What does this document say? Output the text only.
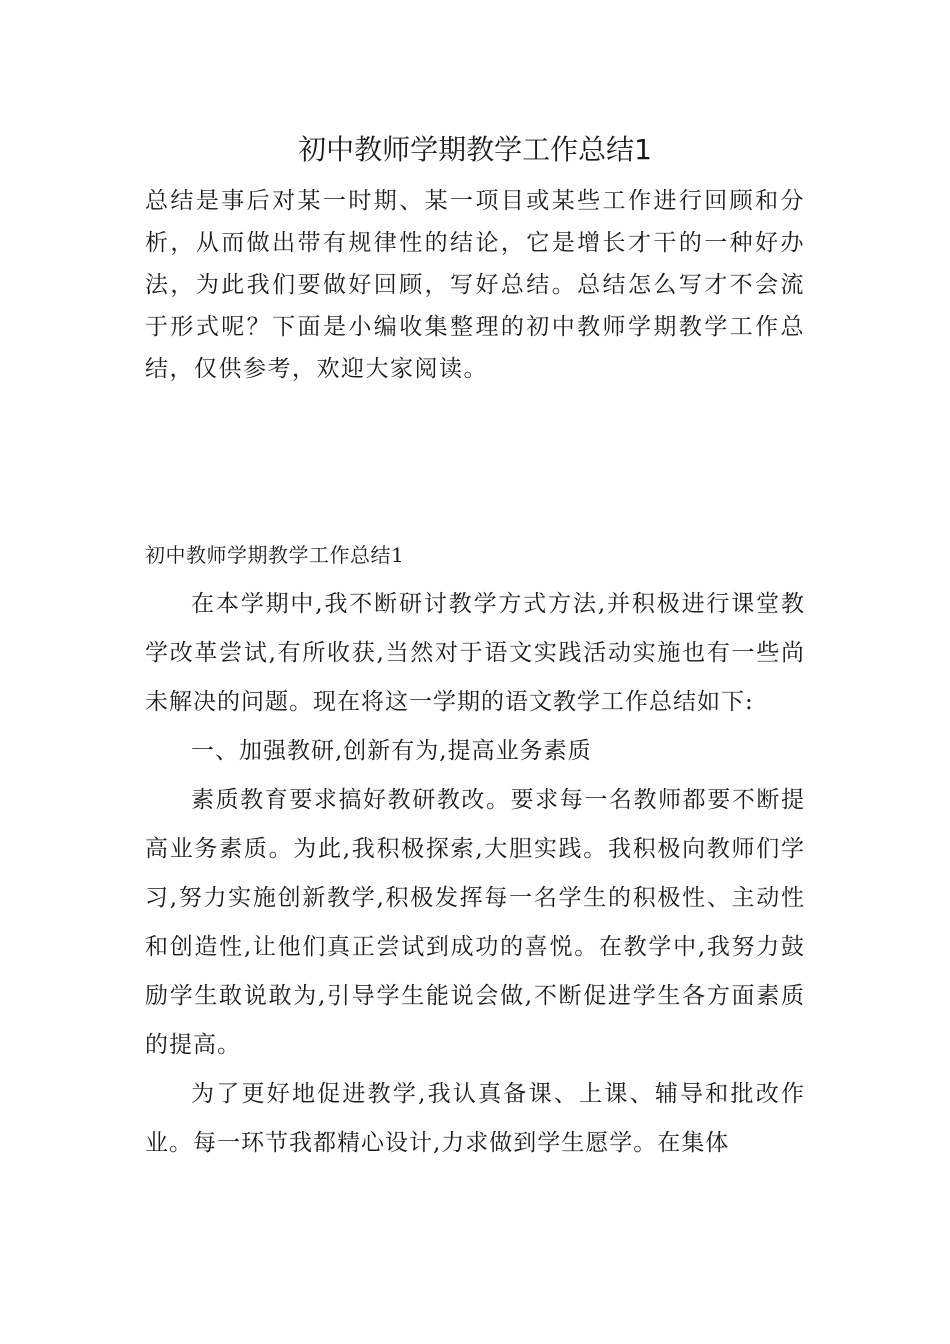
初中教师学期教学工作总结1

总结是事后对某一时期、某一项目或某些工作进行回顾和分析，从而做出带有规律性的结论，它是增长才干的一种好办法，为此我们要做好回顾，写好总结。总结怎么写才不会流于形式呢？下面是小编收集整理的初中教师学期教学工作总结，仅供参考，欢迎大家阅读。

初中教师学期教学工作总结1

在本学期中,我不断研讨教学方式方法,并积极进行课堂教学改革尝试,有所收获,当然对于语文实践活动实施也有一些尚未解决的问题。现在将这一学期的语文教学工作总结如下:

一、加强教研,创新有为,提高业务素质

素质教育要求搞好教研教改。要求每一名教师都要不断提高业务素质。为此,我积极探索,大胆实践。我积极向教师们学习,努力实施创新教学,积极发挥每一名学生的积极性、主动性和创造性,让他们真正尝试到成功的喜悦。在教学中,我努力鼓励学生敢说敢为,引导学生能说会做,不断促进学生各方面素质的提高。

为了更好地促进教学,我认真备课、上课、辅导和批改作业。每一环节我都精心设计,力求做到学生愿学。在集体
